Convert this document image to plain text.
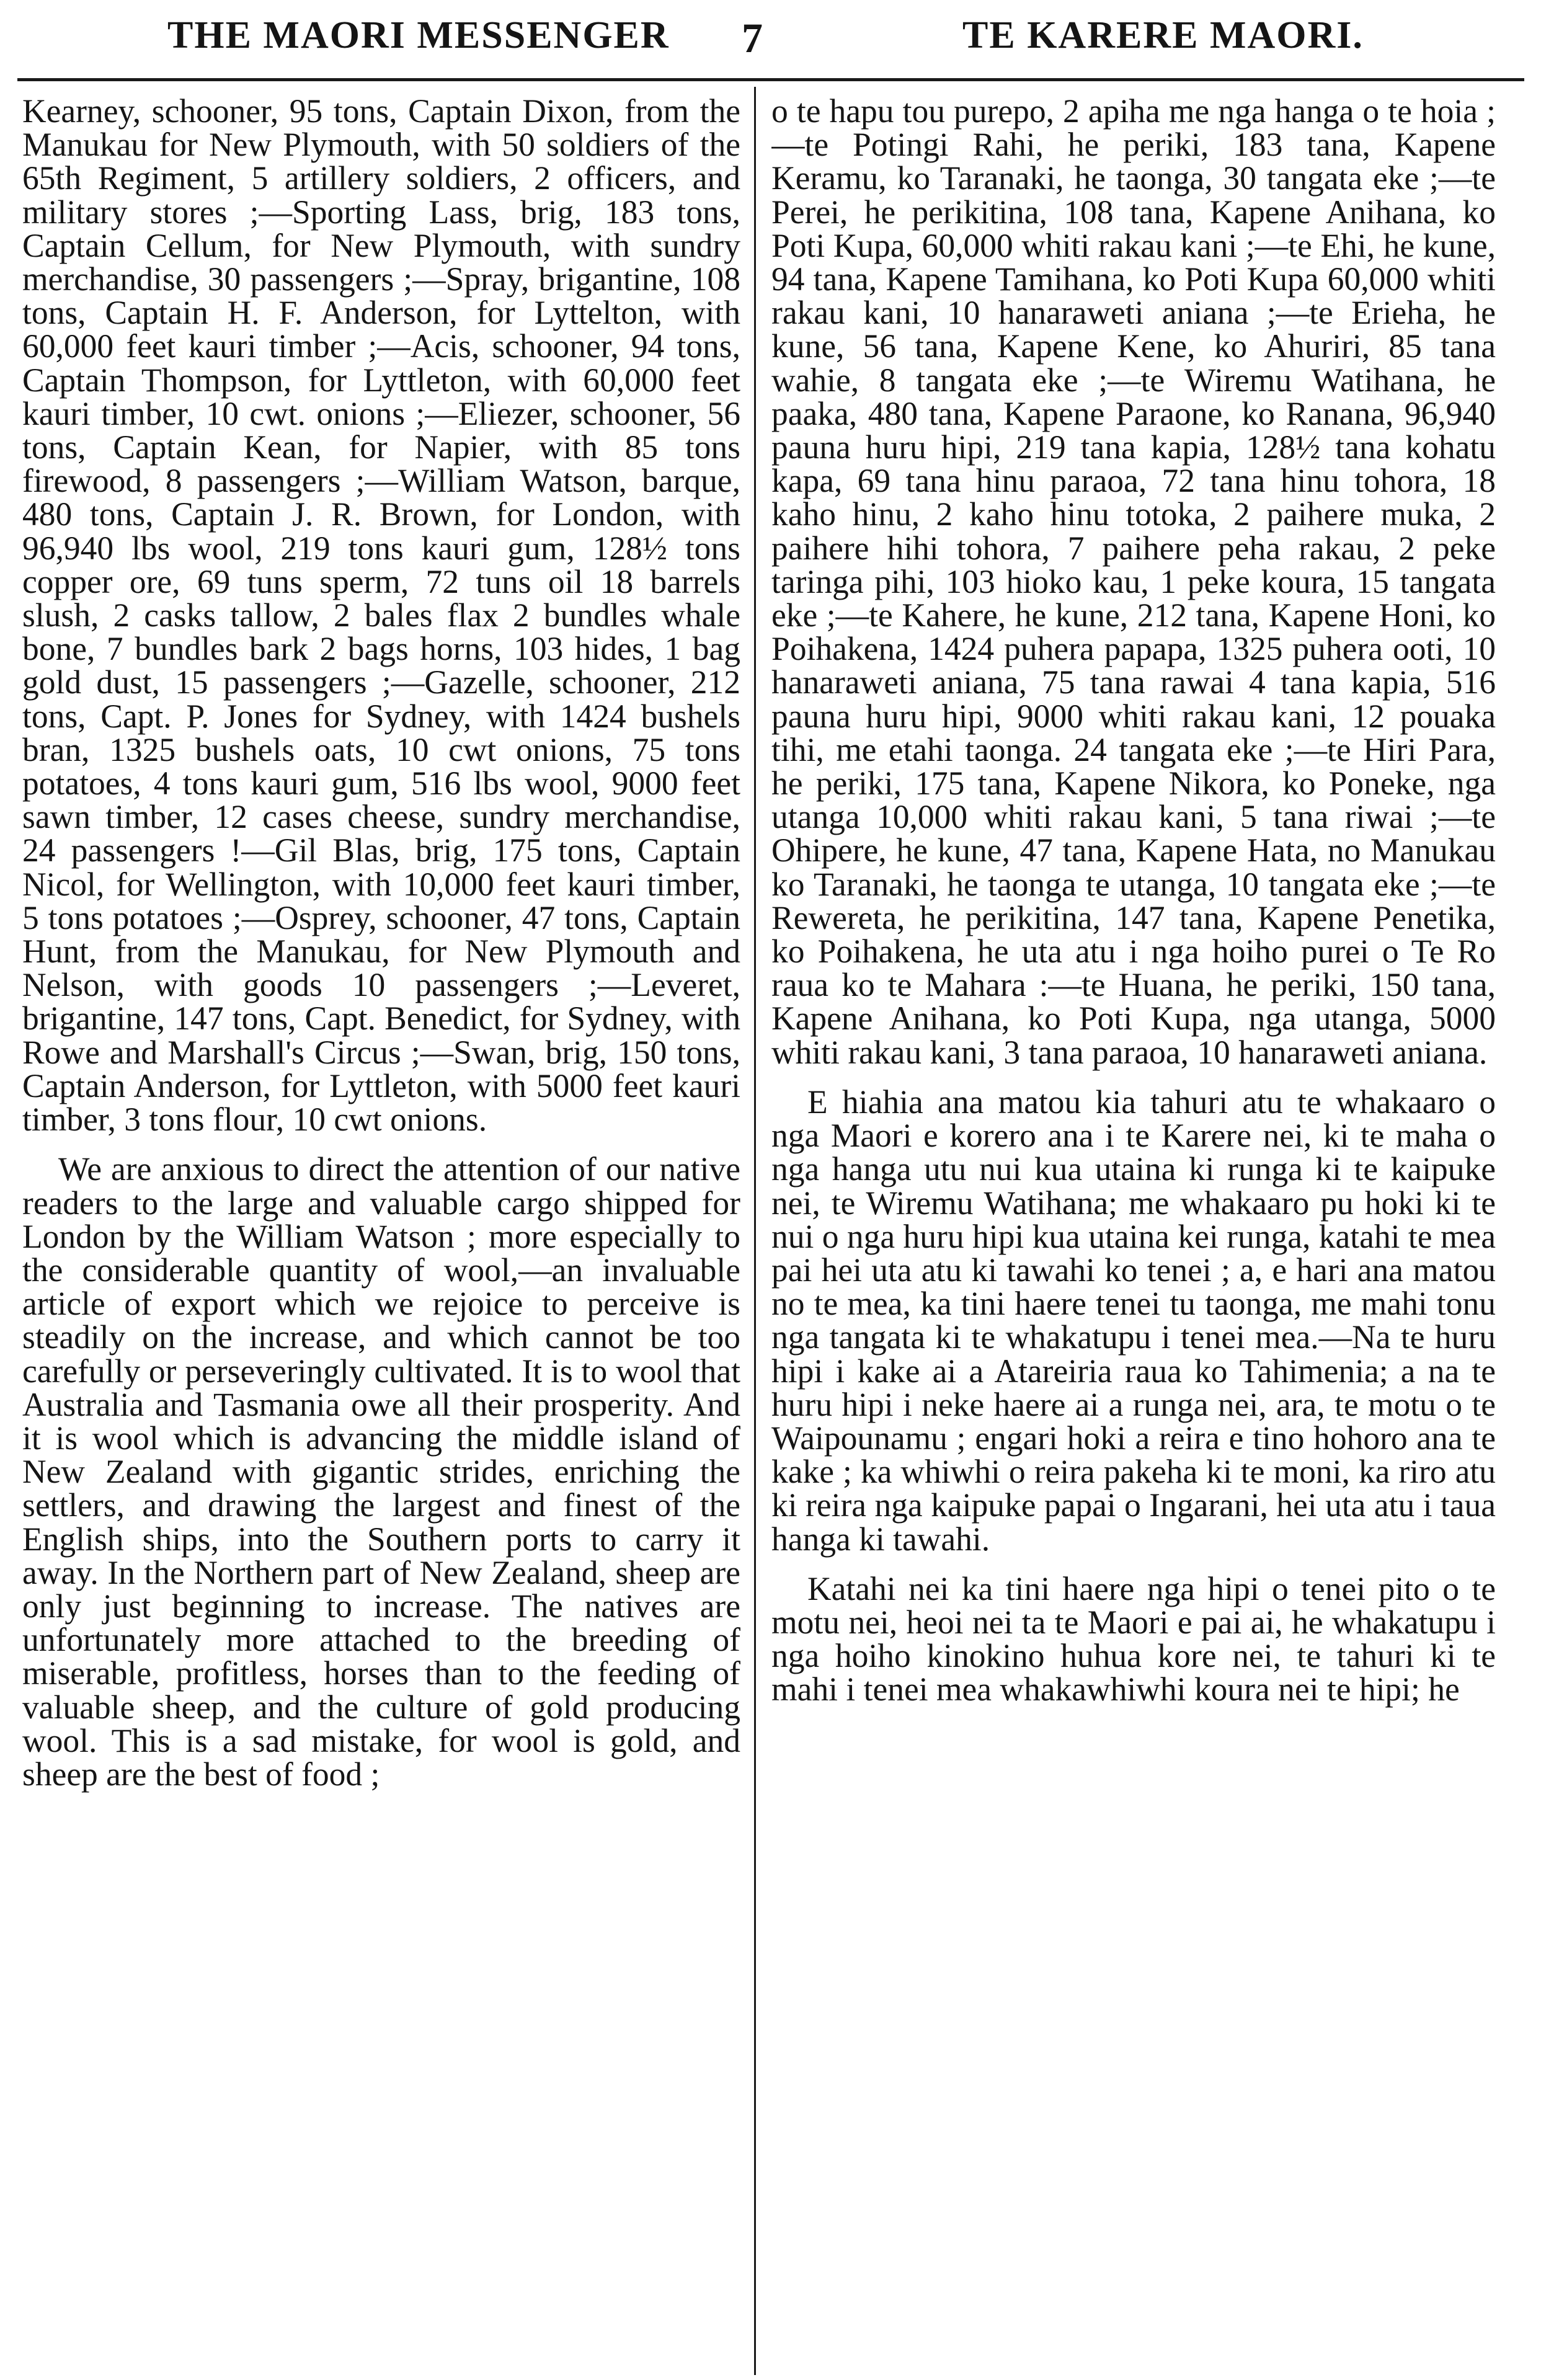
THE MAORI MESSENGER 7	TE KARERE MAORI.

Kearney, schooner, 95 tons, Captain Dixon, from the Manukau for New Plymouth, with 50 soldiers of the 65th Regiment, 5 artillery soldiers, 2 officers, and military stores ;—Sporting Lass, brig, 183 tons, Captain Cellum, for New Plymouth, with sundry merchandise, 30 passengers ;—Spray, brigantine, 108 tons, Captain H. F. Anderson, for Lyttelton, with 60,000 feet kauri timber ;—Acis, schooner, 94 tons, Captain Thompson, for Lyttleton, with 60,000 feet kauri timber, 10 cwt. onions ;—Eliezer, schooner, 56 tons, Captain Kean, for Napier, with 85 tons firewood, 8 passengers ;—William Watson, barque, 480 tons, Captain J. R. Brown, for London, with 96,940 lbs wool, 219 tons kauri gum, 128½ tons copper ore, 69 tuns sperm, 72 tuns oil 18 barrels slush, 2 casks tallow, 2 bales flax 2 bundles whale bone, 7 bundles bark 2 bags horns, 103 hides, 1 bag gold dust, 15 passengers ;—Gazelle, schooner, 212 tons, Capt. P. Jones for Sydney, with 1424 bushels bran, 1325 bushels oats, 10 cwt onions, 75 tons potatoes, 4 tons kauri gum, 516 lbs wool, 9000 feet sawn timber, 12 cases cheese, sundry merchandise, 24 passengers !—Gil Blas, brig, 175 tons, Captain Nicol, for Wellington, with 10,000 feet kauri timber, 5 tons potatoes ;—Osprey, schooner, 47 tons, Captain Hunt, from the Manukau, for New Plymouth and Nelson, with goods 10 passengers ;—Leveret, brigantine, 147 tons, Capt. Benedict, for Sydney, with Rowe and Marshall's Circus ;—Swan, brig, 150 tons, Captain Anderson, for Lyttleton, with 5000 feet kauri timber, 3 tons flour, 10 cwt onions.

We are anxious to direct the attention of our native readers to the large and valuable cargo shipped for London by the William Watson ; more especially to the considerable quantity of wool,—an invaluable article of export which we rejoice to perceive is steadily on the increase, and which cannot be too carefully or perseveringly cultivated. It is to wool that Australia and Tasmania owe all their prosperity. And it is wool which is advancing the middle island of New Zealand with gigantic strides, enriching the settlers, and drawing the largest and finest of the English ships, into the Southern ports to carry it away. In the Northern part of New Zealand, sheep are only just beginning to increase. The natives are unfortunately more attached to the breeding of miserable, profitless, horses than to the feeding of valuable sheep, and the culture of gold producing wool. This is a sad mistake, for wool is gold, and sheep are the best of food ;

o te hapu tou purepo, 2 apiha me nga hanga o te hoia ;—te Potingi Rahi, he periki, 183 tana, Kapene Keramu, ko Taranaki, he taonga, 30 tangata eke ;—te Perei, he perikitina, 108 tana, Kapene Anihana, ko Poti Kupa, 60,000 whiti rakau kani ;—te Ehi, he kune, 94 tana, Kapene Tamihana, ko Poti Kupa 60,000 whiti rakau kani, 10 hanaraweti aniana ;—te Erieha, he kune, 56 tana, Kapene Kene, ko Ahuriri, 85 tana wahie, 8 tangata eke ;—te Wiremu Watihana, he paaka, 480 tana, Kapene Paraone, ko Ranana, 96,940 pauna huru hipi, 219 tana kapia, 128½ tana kohatu kapa, 69 tana hinu paraoa, 72 tana hinu tohora, 18 kaho hinu, 2 kaho hinu totoka, 2 paihere muka, 2 paihere hihi tohora, 7 paihere peha rakau, 2 peke taringa pihi, 103 hioko kau, 1 peke koura, 15 tangata eke ;—te Kahere, he kune, 212 tana, Kapene Honi, ko Poihakena, 1424 puhera papapa, 1325 puhera ooti, 10 hanaraweti aniana, 75 tana rawai 4 tana kapia, 516 pauna huru hipi, 9000 whiti rakau kani, 12 pouaka tihi, me etahi taonga. 24 tangata eke ;—te Hiri Para, he periki, 175 tana, Kapene Nikora, ko Poneke, nga utanga 10,000 whiti rakau kani, 5 tana riwai ;—te Ohipere, he kune, 47 tana, Kapene Hata, no Manukau ko Taranaki, he taonga te utanga, 10 tangata eke ;—te Rewereta, he perikitina, 147 tana, Kapene Penetika, ko Poihakena, he uta atu i nga hoiho purei o Te Ro raua ko te Mahara :—te Huana, he periki, 150 tana, Kapene Anihana, ko Poti Kupa, nga utanga, 5000 whiti rakau kani, 3 tana paraoa, 10 hanaraweti aniana.

E hiahia ana matou kia tahuri atu te whakaaro o nga Maori e korero ana i te Karere nei, ki te maha o nga hanga utu nui kua utaina ki runga ki te kaipuke nei, te Wiremu Watihana; me whakaaro pu hoki ki te nui o nga huru hipi kua utaina kei runga, katahi te mea pai hei uta atu ki tawahi ko tenei ; a, e hari ana matou no te mea, ka tini haere tenei tu taonga, me mahi tonu nga tangata ki te whakatupu i tenei mea.—Na te huru hipi i kake ai a Atareiria raua ko Tahimenia; a na te huru hipi i neke haere ai a runga nei, ara, te motu o te Waipounamu ; engari hoki a reira e tino hohoro ana te kake ; ka whiwhi o reira pakeha ki te moni, ka riro atu ki reira nga kaipuke papai o Ingarani, hei uta atu i taua hanga ki tawahi.

Katahi nei ka tini haere nga hipi o tenei pito o te motu nei, heoi nei ta te Maori e pai ai, he whakatupu i nga hoiho kinokino huhua kore nei, te tahuri ki te mahi i tenei mea whakawhiwhi koura nei te hipi; he
